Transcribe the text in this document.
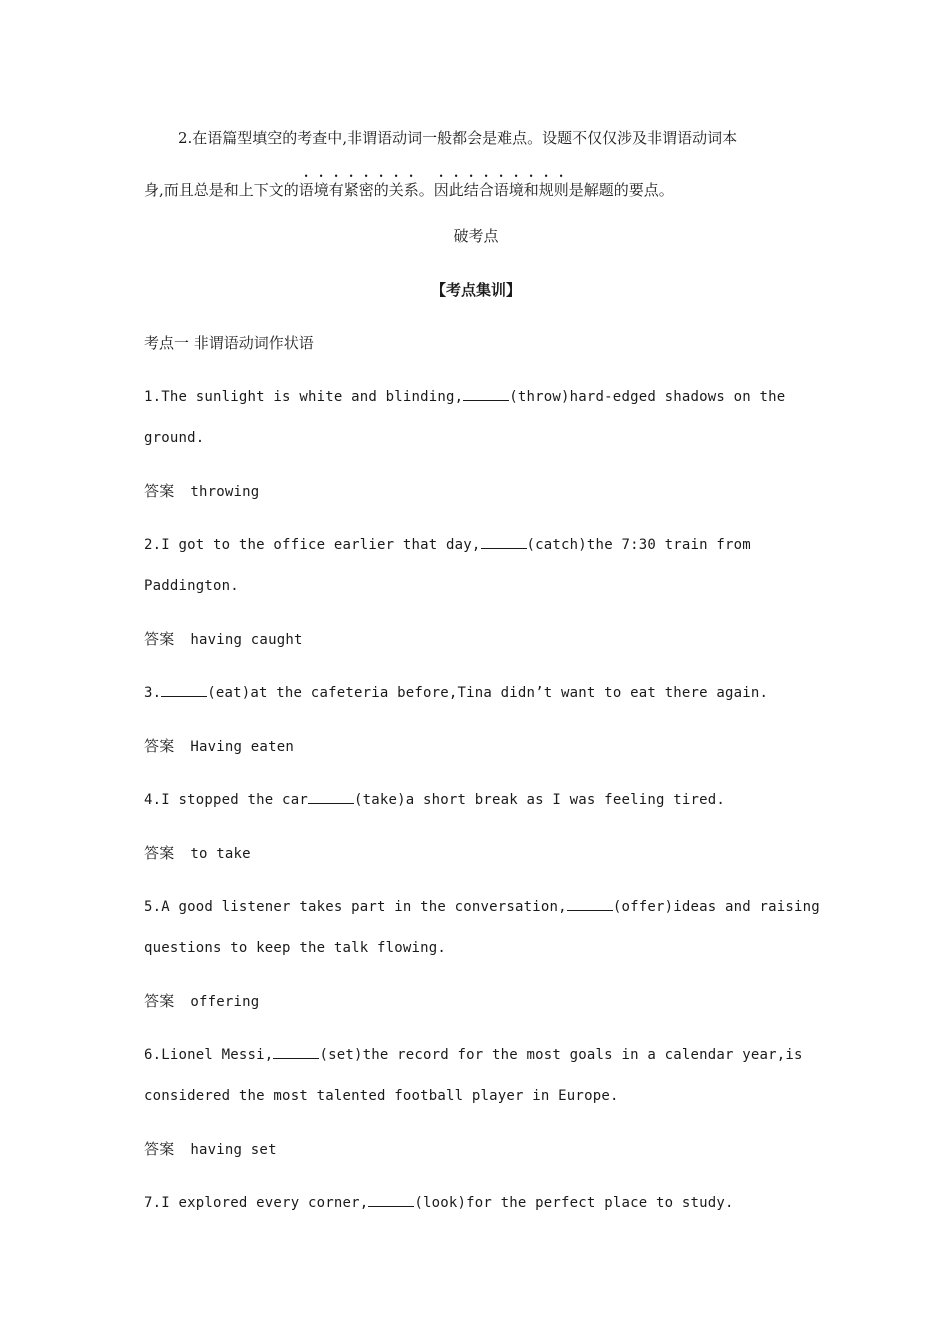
2.在语篇型填空的考查中,非谓语动词一般都会是难点。设题不仅仅涉及非谓语动词本
身,而且总是和上下文的语境有紧密的关系。因此结合语境和规则是解题的要点。
破考点
【考点集训】
考点一 非谓语动词作状语
1.The sunlight is white and blinding,	(throw)hard-edged shadows on the
ground.
答案 throwing
2.I got to the office earlier that day,	(catch)the 7:30 train from
Paddington.
答案 having caught
3.	(eat)at the cafeteria before,Tina didn’t want to eat there again.
答案 Having eaten
4.I stopped the car	(take)a short break as I was feeling tired.
答案 to take
5.A good listener takes part in the conversation,	(offer)ideas and raising
questions to keep the talk flowing.
答案 offering
6.Lionel Messi,	(set)the record for the most goals in a calendar year,is
considered the most talented football player in Europe.
答案 having set
7.I explored every corner,	(look)for the perfect place to study.
